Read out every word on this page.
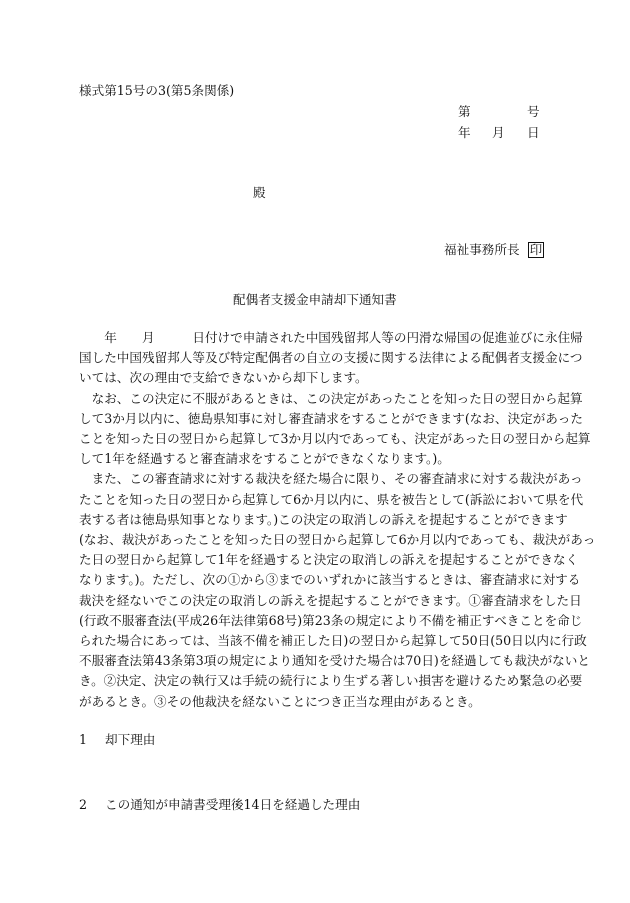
様式第15号の3(第5条関係)
第	号
年 月 日
殿
福祉事務所長 印
配偶者支援金申請却下通知書
　　年　　月　　　日付けで申請された中国残留邦人等の円滑な帰国の促進並びに永住帰
国した中国残留邦人等及び特定配偶者の自立の支援に関する法律による配偶者支援金につ
いては、次の理由で支給できないから却下します。
　なお、この決定に不服があるときは、この決定があったことを知った日の翌日から起算
して3か月以内に、徳島県知事に対し審査請求をすることができます(なお、決定があった
ことを知った日の翌日から起算して3か月以内であっても、決定があった日の翌日から起算
して1年を経過すると審査請求をすることができなくなります。)。
　また、この審査請求に対する裁決を経た場合に限り、その審査請求に対する裁決があっ
たことを知った日の翌日から起算して6か月以内に、県を被告として(訴訟において県を代
表する者は徳島県知事となります。)この決定の取消しの訴えを提起することができます
(なお、裁決があったことを知った日の翌日から起算して6か月以内であっても、裁決があっ
た日の翌日から起算して1年を経過すると決定の取消しの訴えを提起することができなく
なります。)。ただし、次の①から③までのいずれかに該当するときは、審査請求に対する
裁決を経ないでこの決定の取消しの訴えを提起することができます。①審査請求をした日
(行政不服審査法(平成26年法律第68号)第23条の規定により不備を補正すべきことを命じ
られた場合にあっては、当該不備を補正した日)の翌日から起算して50日(50日以内に行政
不服審査法第43条第3項の規定により通知を受けた場合は70日)を経過しても裁決がないと
き。②決定、決定の執行又は手続の続行により生ずる著しい損害を避けるため緊急の必要
があるとき。③その他裁決を経ないことにつき正当な理由があるとき。
1 却下理由
2 この通知が申請書受理後14日を経過した理由
